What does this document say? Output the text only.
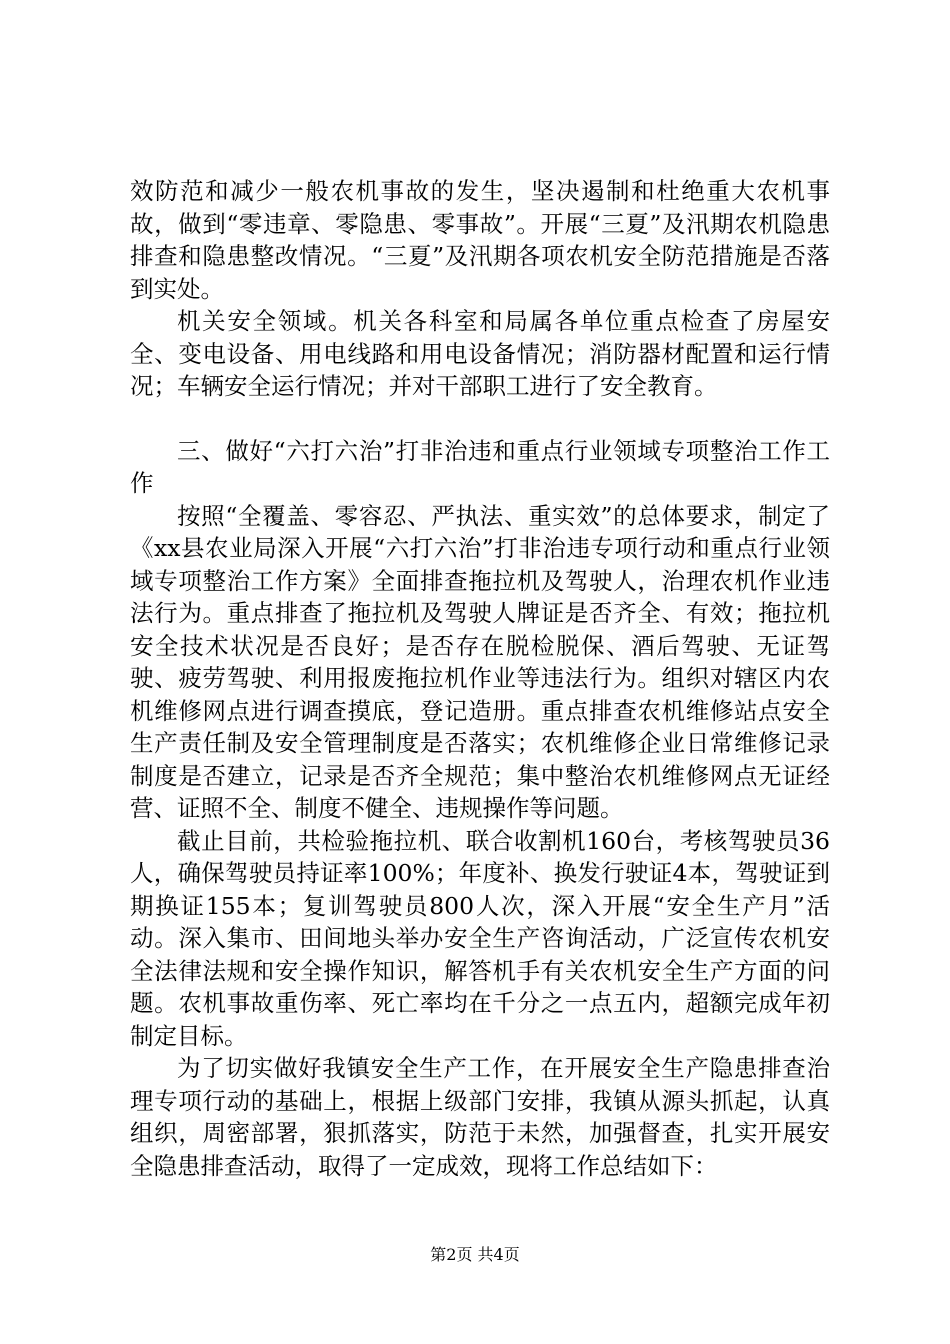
效防范和减少一般农机事故的发生，坚决遏制和杜绝重大农机事故，做到“零违章、零隐患、零事故”。开展“三夏”及汛期农机隐患排查和隐患整改情况。“三夏”及汛期各项农机安全防范措施是否落到实处。

机关安全领域。机关各科室和局属各单位重点检查了房屋安全、变电设备、用电线路和用电设备情况；消防器材配置和运行情况；车辆安全运行情况；并对干部职工进行了安全教育。

三、做好“六打六治”打非治违和重点行业领域专项整治工作工作

按照“全覆盖、零容忍、严执法、重实效”的总体要求，制定了《xx县农业局深入开展“六打六治”打非治违专项行动和重点行业领域专项整治工作方案》全面排查拖拉机及驾驶人，治理农机作业违法行为。重点排查了拖拉机及驾驶人牌证是否齐全、有效；拖拉机安全技术状况是否良好；是否存在脱检脱保、酒后驾驶、无证驾驶、疲劳驾驶、利用报废拖拉机作业等违法行为。组织对辖区内农机维修网点进行调查摸底，登记造册。重点排查农机维修站点安全生产责任制及安全管理制度是否落实；农机维修企业日常维修记录制度是否建立，记录是否齐全规范；集中整治农机维修网点无证经营、证照不全、制度不健全、违规操作等问题。

截止目前，共检验拖拉机、联合收割机160台，考核驾驶员36人，确保驾驶员持证率100%；年度补、换发行驶证4本，驾驶证到期换证155本；复训驾驶员800人次，深入开展“安全生产月”活动。深入集市、田间地头举办安全生产咨询活动，广泛宣传农机安全法律法规和安全操作知识，解答机手有关农机安全生产方面的问题。农机事故重伤率、死亡率均在千分之一点五内，超额完成年初制定目标。

为了切实做好我镇安全生产工作，在开展安全生产隐患排查治理专项行动的基础上，根据上级部门安排，我镇从源头抓起，认真组织，周密部署，狠抓落实，防范于未然，加强督查，扎实开展安全隐患排查活动，取得了一定成效，现将工作总结如下：

第2页 共4页
